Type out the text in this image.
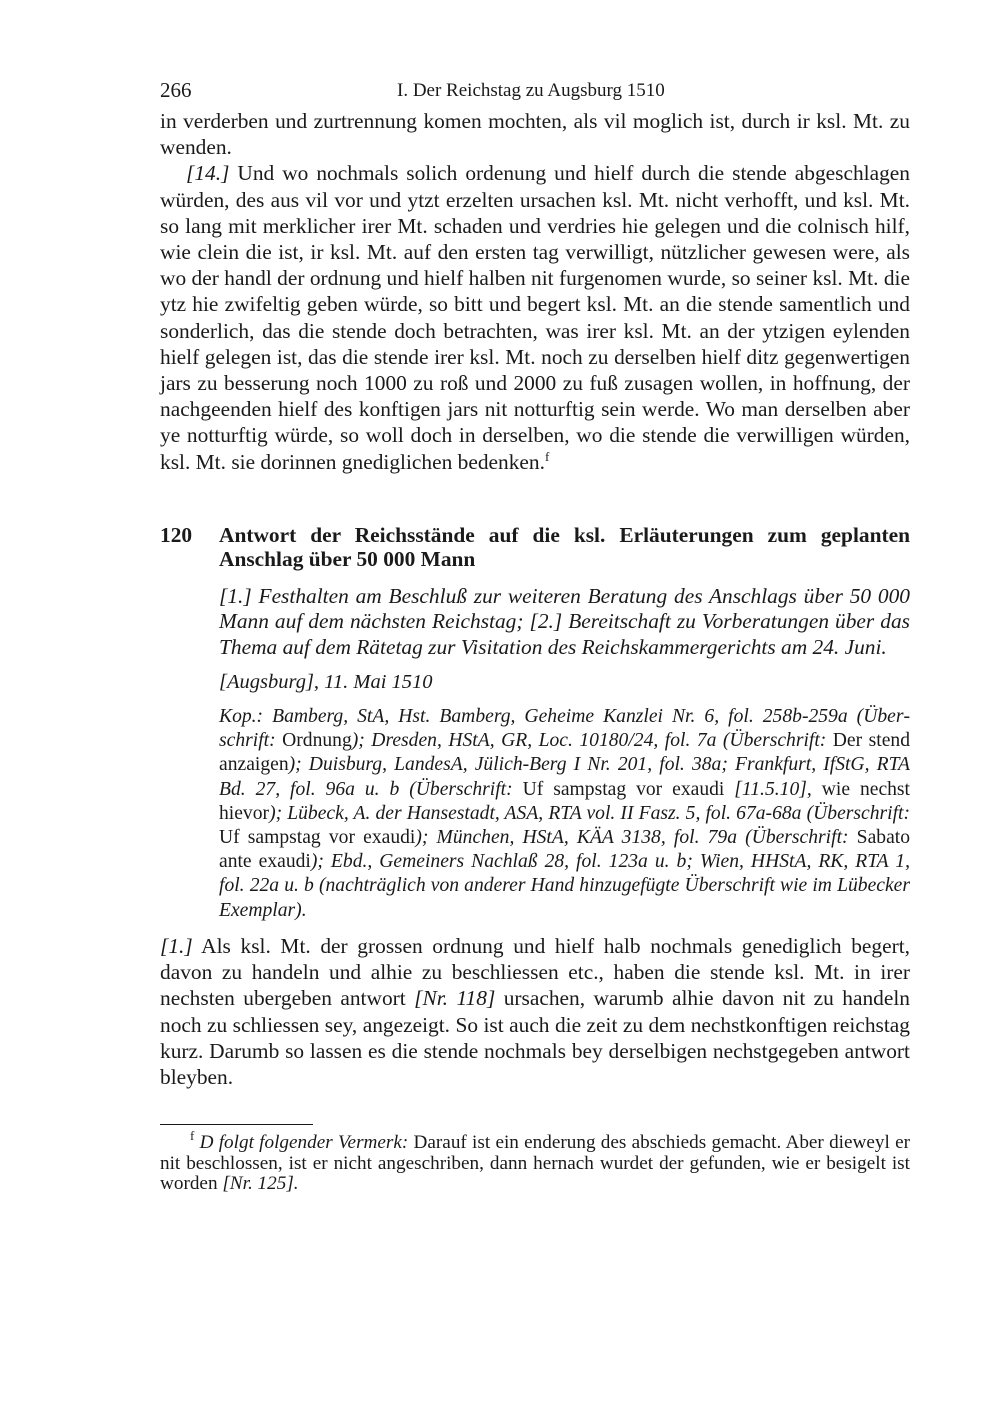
266	I. Der Reichstag zu Augsburg 1510

in verderben und zurtrennung komen mochten, als vil moglich ist, durch ir ksl. Mt. zu wenden.

[14.] Und wo nochmals solich ordenung und hielf durch die stende abgeschlagen würden, des aus vil vor und ytzt erzelten ursachen ksl. Mt. nicht verhofft, und ksl. Mt. so lang mit merklicher irer Mt. schaden und verdries hie gelegen und die colnisch hilf, wie clein die ist, ir ksl. Mt. auf den ersten tag verwilligt, nützlicher gewesen were, als wo der handl der ordnung und hielf halben nit furgenomen wurde, so seiner ksl. Mt. die ytz hie zwifeltig geben würde, so bitt und begert ksl. Mt. an die stende samentlich und sonderlich, das die stende doch betrachten, was irer ksl. Mt. an der ytzigen eylenden hielf gelegen ist, das die stende irer ksl. Mt. noch zu derselben hielf ditz gegenwertigen jars zu besserung noch 1000 zu roß und 2000 zu fuß zusagen wollen, in hoffnung, der nachgeenden hielf des konftigen jars nit notturftig sein werde. Wo man derselben aber ye notturftig würde, so woll doch in derselben, wo die stende die verwilligen würden, ksl. Mt. sie dorinnen gnediglichen bedenken.$^f$

120 Antwort der Reichsstände auf die ksl. Erläuterungen zum geplanten Anschlag über 50 000 Mann
[1.] Festhalten am Beschluß zur weiteren Beratung des Anschlags über 50 000 Mann auf dem nächsten Reichstag; [2.] Bereitschaft zu Vorberatungen über das Thema auf dem Rätetag zur Visitation des Reichskammergerichts am 24. Juni.
[Augsburg], 11. Mai 1510
Kop.: Bamberg, StA, Hst. Bamberg, Geheime Kanzlei Nr. 6, fol. 258b-259a (Überschrift: Ordnung); Dresden, HStA, GR, Loc. 10180/24, fol. 7a (Überschrift: Der stend anzaigen); Duisburg, LandesA, Jülich-Berg I Nr. 201, fol. 38a; Frankfurt, IfStG, RTA Bd. 27, fol. 96a u. b (Überschrift: Uf sampstag vor exaudi [11.5.10], wie nechst hievor); Lübeck, A. der Hansestadt, ASA, RTA vol. II Fasz. 5, fol. 67a-68a (Überschrift: Uf sampstag vor exaudi); München, HStA, KÄA 3138, fol. 79a (Überschrift: Sabato ante exaudi); Ebd., Gemeiners Nachlaß 28, fol. 123a u. b; Wien, HHStA, RK, RTA 1, fol. 22a u. b (nachträglich von anderer Hand hinzugefügte Überschrift wie im Lübecker Exemplar).

[1.] Als ksl. Mt. der grossen ordnung und hielf halb nochmals genediglich begert, davon zu handeln und alhie zu beschliessen etc., haben die stende ksl. Mt. in irer nechsten ubergeben antwort [Nr. 118] ursachen, warumb alhie davon nit zu handeln noch zu schliessen sey, angezeigt. So ist auch die zeit zu dem nechstkonftigen reichstag kurz. Darumb so lassen es die stende nochmals bey derselbigen nechstgegeben antwort bleyben.

$^f$ D folgt folgender Vermerk: Darauf ist ein enderung des abschieds gemacht. Aber dieweyl er nit beschlossen, ist er nicht angeschriben, dann hernach wurdet der gefunden, wie er besigelt ist worden [Nr. 125].
